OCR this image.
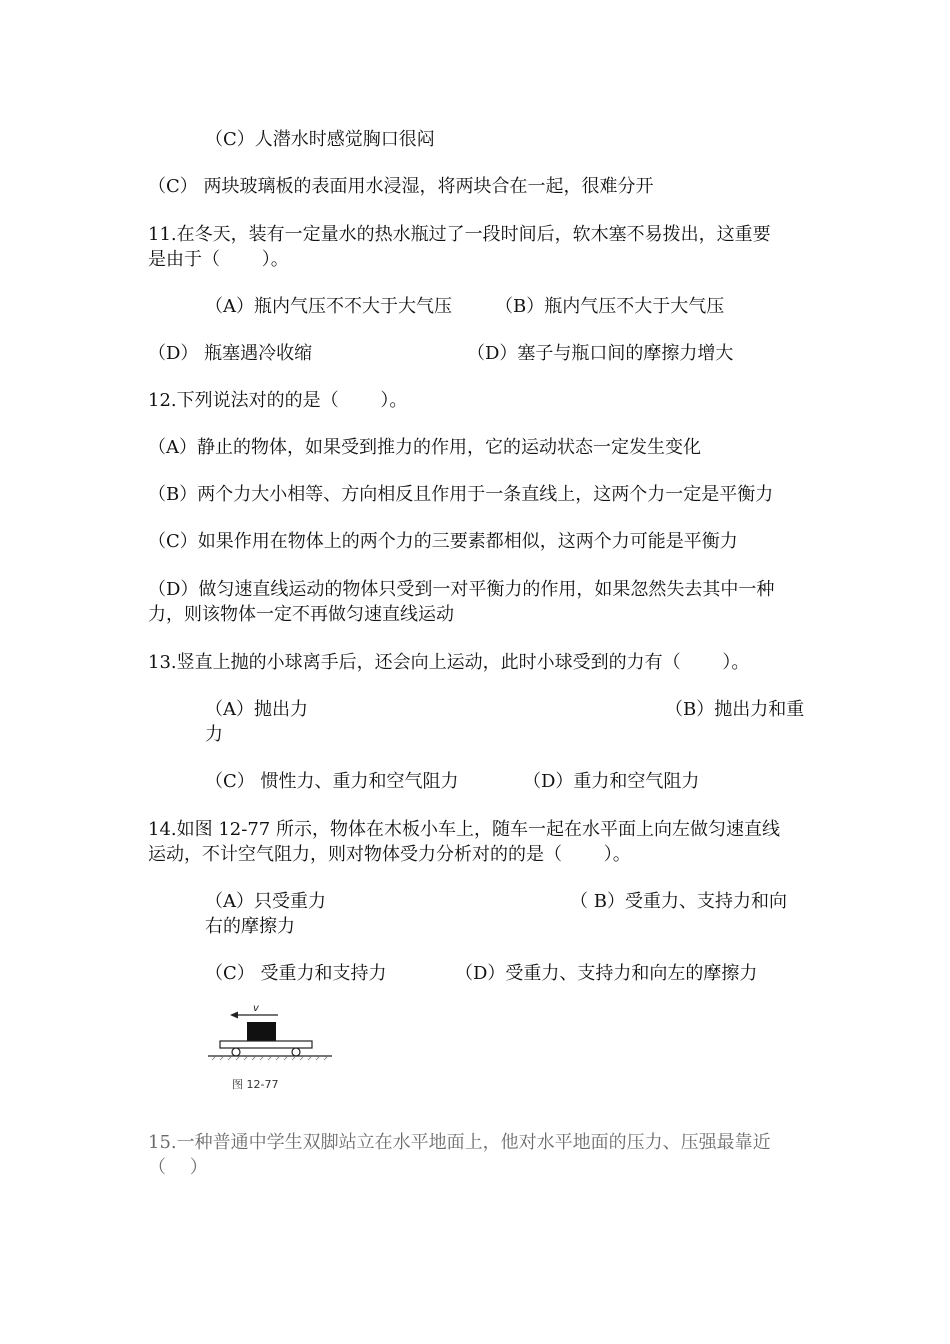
（C）人潜水时感觉胸口很闷
（C） 两块玻璃板的表面用水浸湿，将两块合在一起，很难分开
11.在冬天，装有一定量水的热水瓶过了一段时间后，软木塞不易拨出，这重要
是由于（　　 ）。
（A）瓶内气压不不大于大气压 （B）瓶内气压不大于大气压
（D） 瓶塞遇冷收缩	（D）塞子与瓶口间的摩擦力增大
12.下列说法对的的是（　　 ）。
（A）静止的物体，如果受到推力的作用，它的运动状态一定发生变化
（B）两个力大小相等、方向相反且作用于一条直线上，这两个力一定是平衡力
（C）如果作用在物体上的两个力的三要素都相似，这两个力可能是平衡力
（D）做匀速直线运动的物体只受到一对平衡力的作用，如果忽然失去其中一种
力，则该物体一定不再做匀速直线运动
13.竖直上抛的小球离手后，还会向上运动，此时小球受到的力有（　　 ）。
（A）抛出力	（B）抛出力和重
力
（C） 惯性力、重力和空气阻力	（D）重力和空气阻力
14.如图 12-77 所示，物体在木板小车上，随车一起在水平面上向左做匀速直线
运动，不计空气阻力，则对物体受力分析对的的是（　　 ）。
（A）只受重力	（ B）受重力、支持力和向
右的摩擦力
（C） 受重力和支持力	（D）受重力、支持力和向左的摩擦力
v
图 12-77
15.一种普通中学生双脚站立在水平地面上，他对水平地面的压力、压强最靠近
（　 ）
